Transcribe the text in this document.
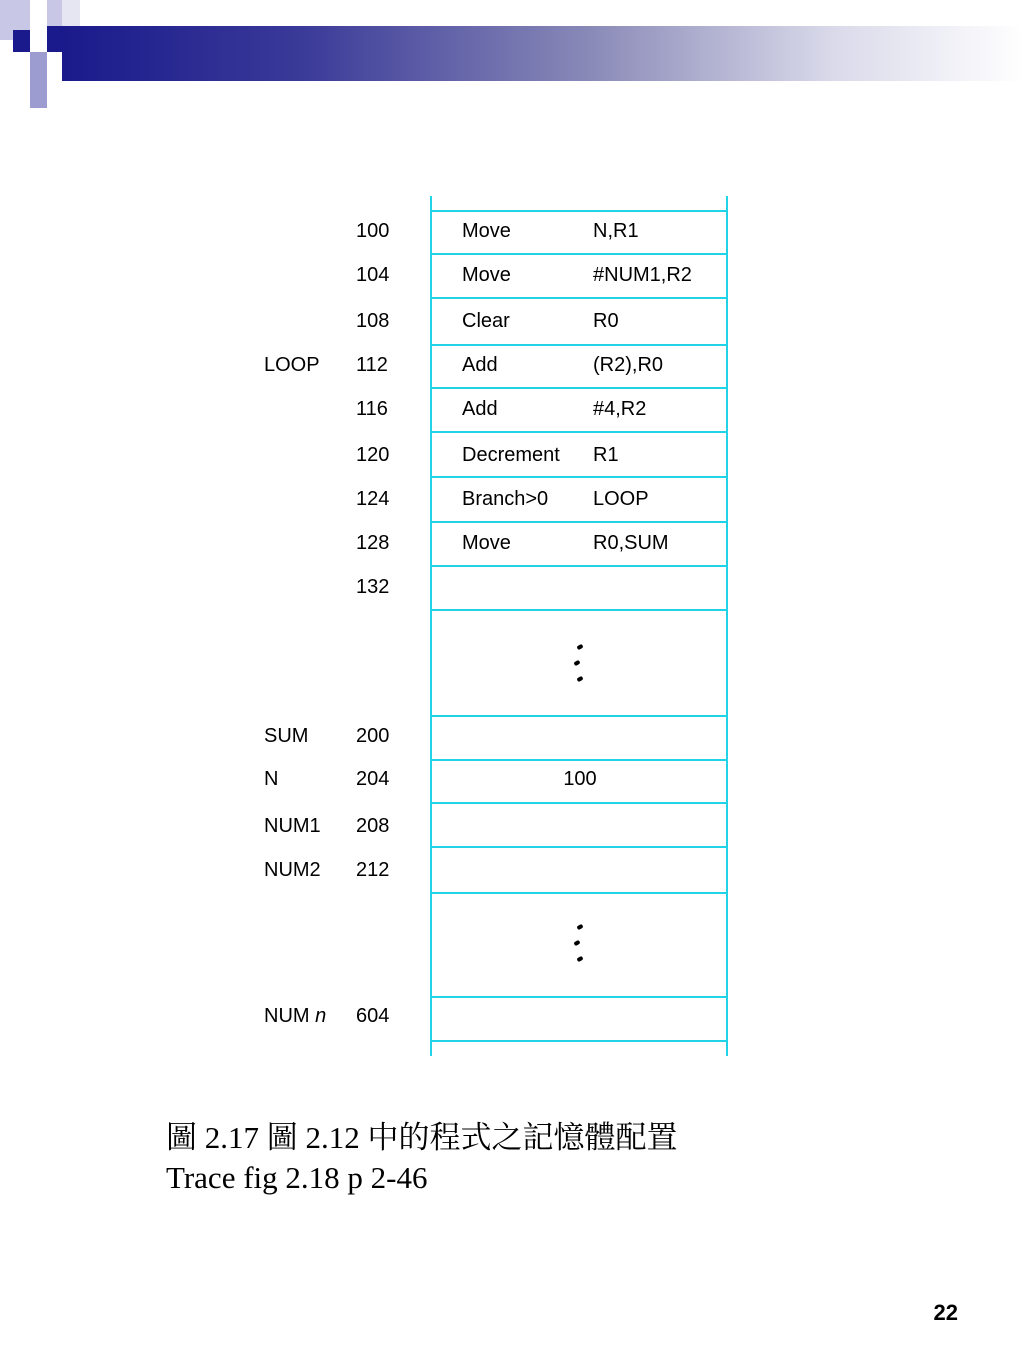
100	Move	N,R1
104	Move	#NUM1,R2
108	Clear	R0
LOOP 112	Add	(R2),R0
116	Add	#4,R2
120	Decrement R1
124	Branch>0 LOOP
128	Move	R0,SUM
132
SUM 200
N	204	100
NUM1 208
NUM2 212
NUM n 604
圖 2.17 圖 2.12 中的程式之記憶體配置
Trace fig 2.18 p 2-46
22
